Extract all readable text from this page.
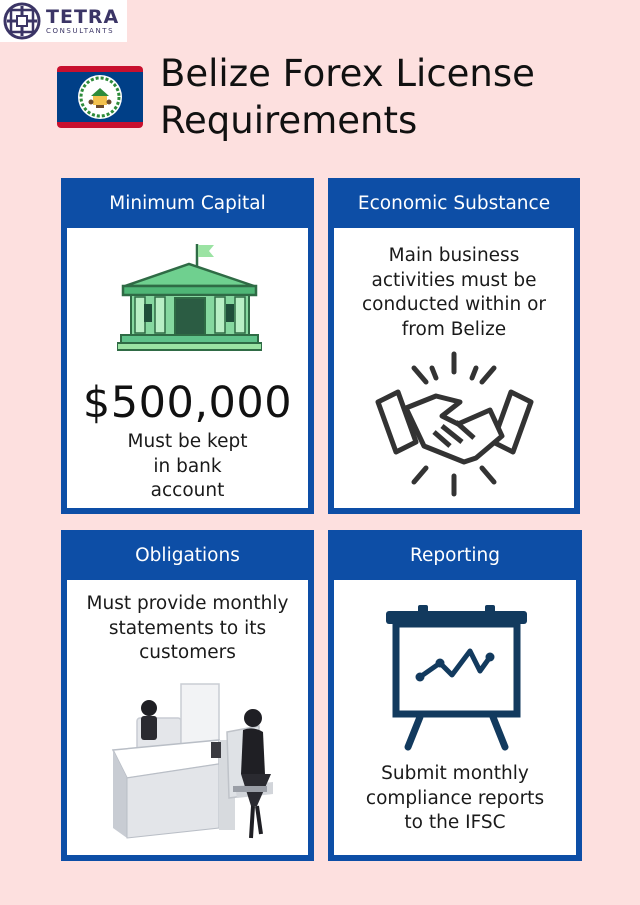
TETRA
CONSULTANTS
Belize Forex License Requirements
Minimum Capital
$500,000
Must be kept in bank account
Economic Substance
Main business activities must be conducted within or from Belize
Obligations
Must provide monthly statements to its customers
Reporting
Submit monthly compliance reports to the IFSC
